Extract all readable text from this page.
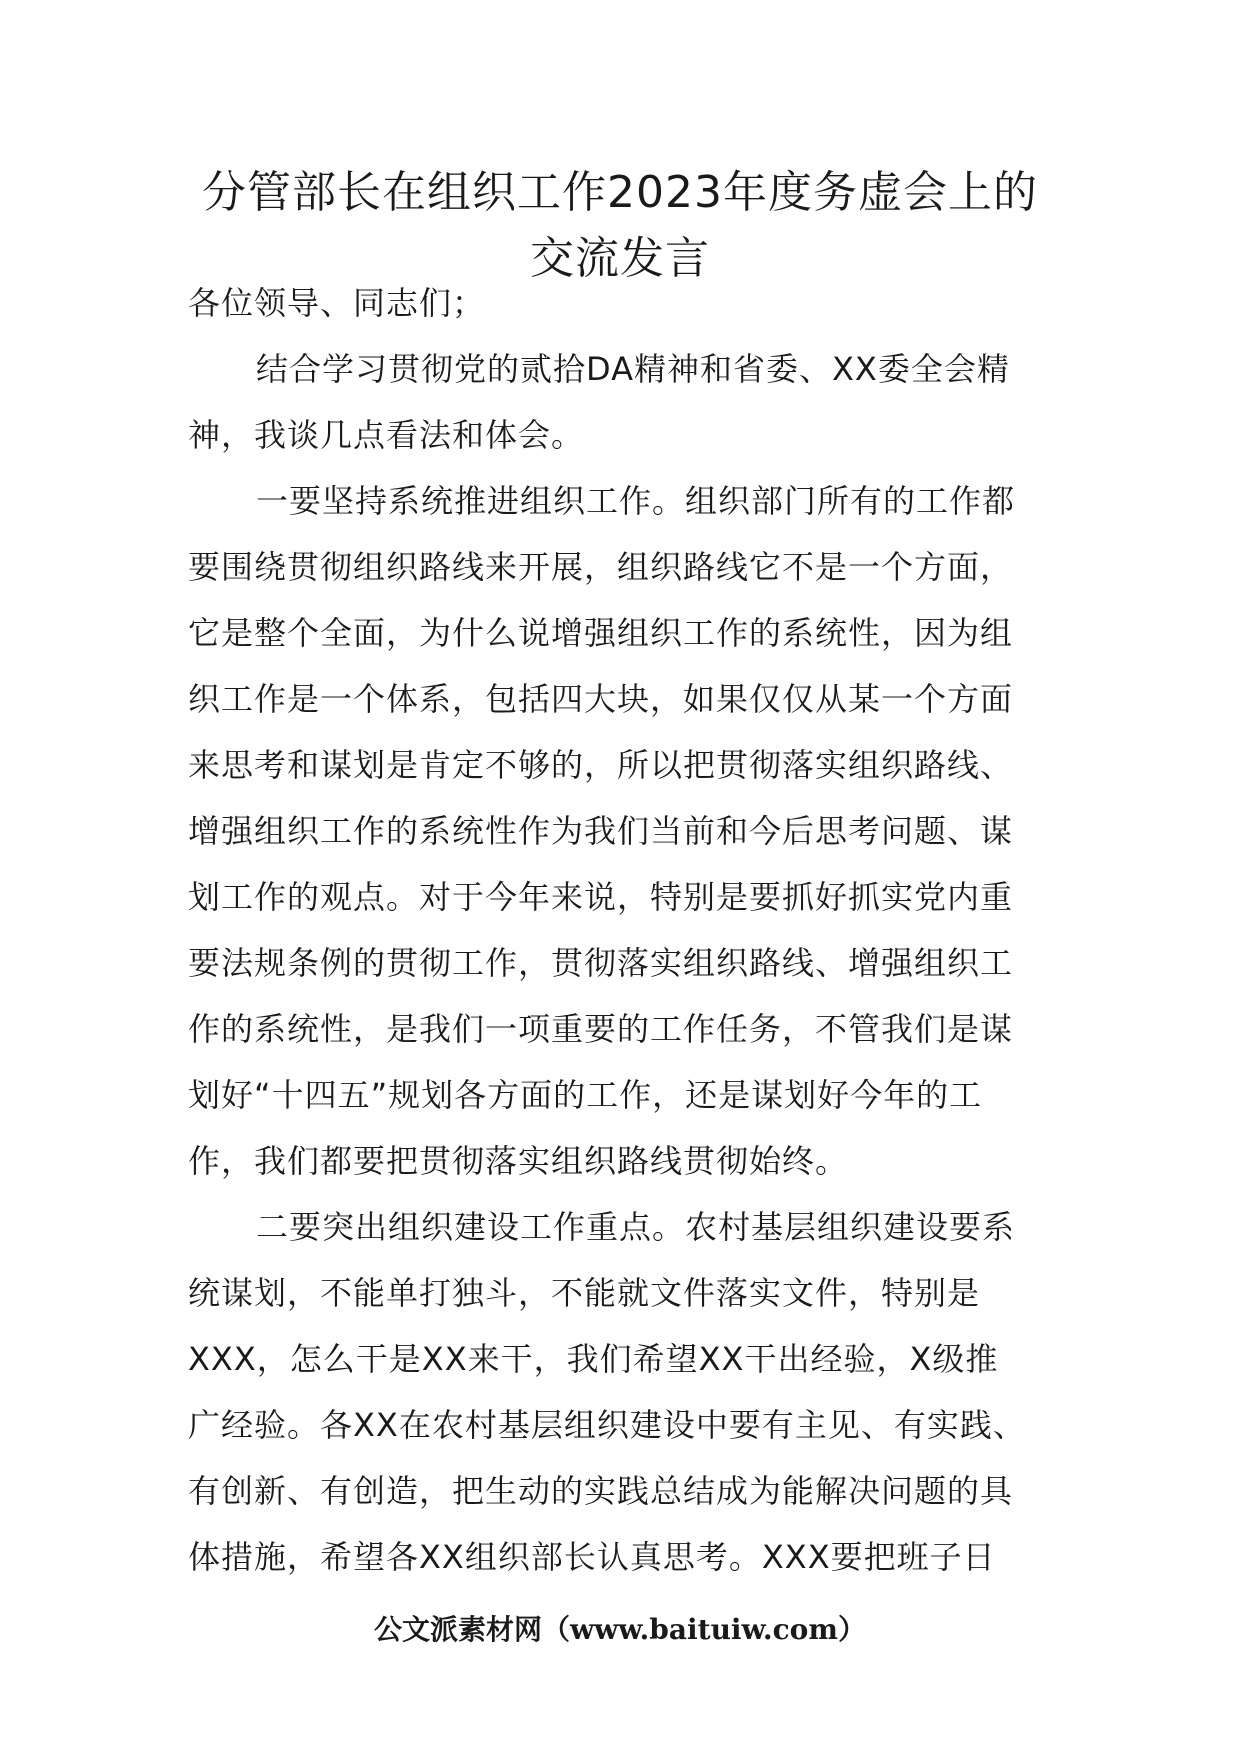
分管部长在组织工作2023年度务虚会上的
交流发言

各位领导、同志们；

结合学习贯彻党的贰拾DA精神和省委、XX委全会精

神，我谈几点看法和体会。

一要坚持系统推进组织工作。组织部门所有的工作都

要围绕贯彻组织路线来开展，组织路线它不是一个方面，

它是整个全面，为什么说增强组织工作的系统性，因为组

织工作是一个体系，包括四大块，如果仅仅从某一个方面

来思考和谋划是肯定不够的，所以把贯彻落实组织路线、

增强组织工作的系统性作为我们当前和今后思考问题、谋

划工作的观点。对于今年来说，特别是要抓好抓实党内重

要法规条例的贯彻工作，贯彻落实组织路线、增强组织工

作的系统性，是我们一项重要的工作任务，不管我们是谋

划好“十四五”规划各方面的工作，还是谋划好今年的工

作，我们都要把贯彻落实组织路线贯彻始终。

二要突出组织建设工作重点。农村基层组织建设要系

统谋划，不能单打独斗，不能就文件落实文件，特别是

XXX，怎么干是XX来干，我们希望XX干出经验，X级推

广经验。各XX在农村基层组织建设中要有主见、有实践、

有创新、有创造，把生动的实践总结成为能解决问题的具

体措施，希望各XX组织部长认真思考。XXX要把班子日

公文派素材网（www.baituiw.com）
